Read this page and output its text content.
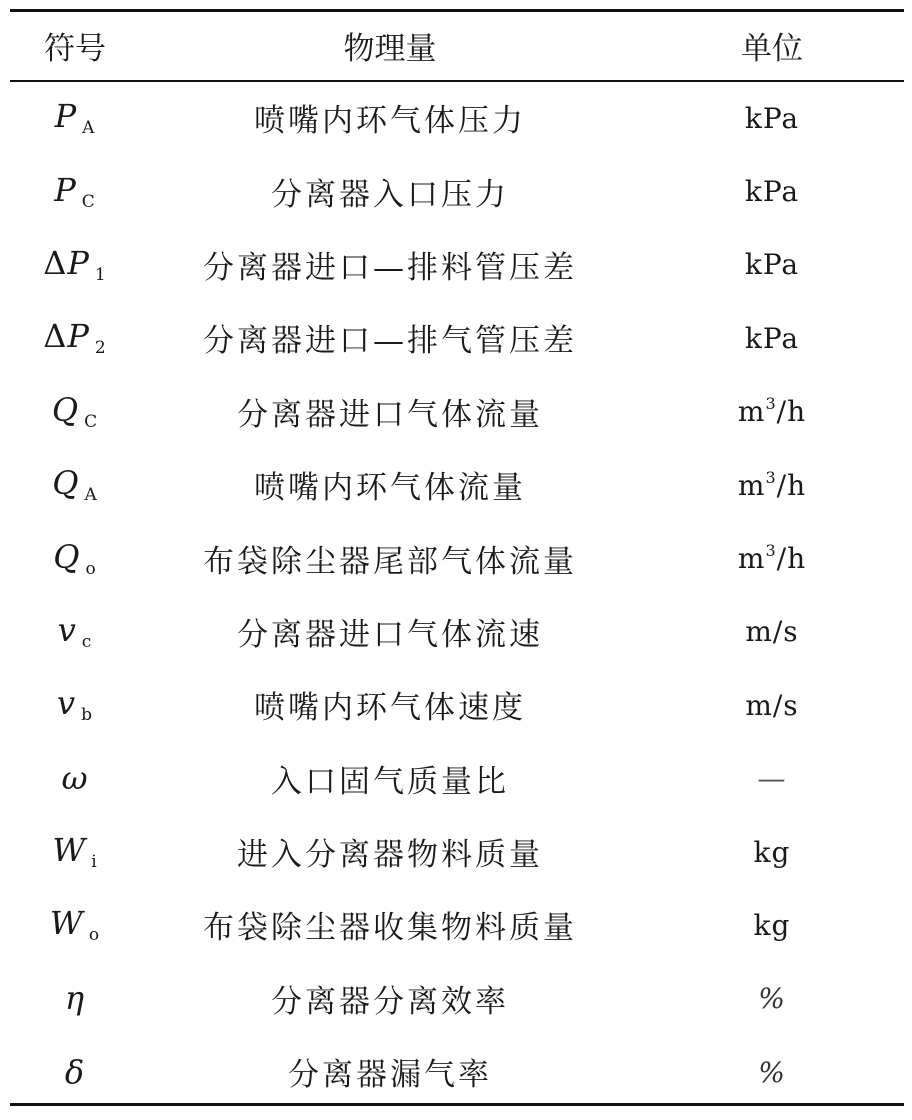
符号	物理量	单位
P $_A$	喷嘴内环气体压力	kPa
P $_C$	分离器入口压力	kPa
ΔP $_1$	分离器进口—排料管压差	kPa
ΔP $_2$	分离器进口—排气管压差	kPa
Q $_C$	分离器进口气体流量	$m^3/h$
Q $_A$	喷嘴内环气体流量	$m^3/h$
Q $_o$	布袋除尘器尾部气体流量	$m^3/h$
v $_c$	分离器进口气体流速	m/s
v $_b$	喷嘴内环气体速度	m/s
ω	入口固气质量比	—
W $_i$	进入分离器物料质量	kg
W $_o$	布袋除尘器收集物料质量	kg
η	分离器分离效率	%
δ	分离器漏气率	%
